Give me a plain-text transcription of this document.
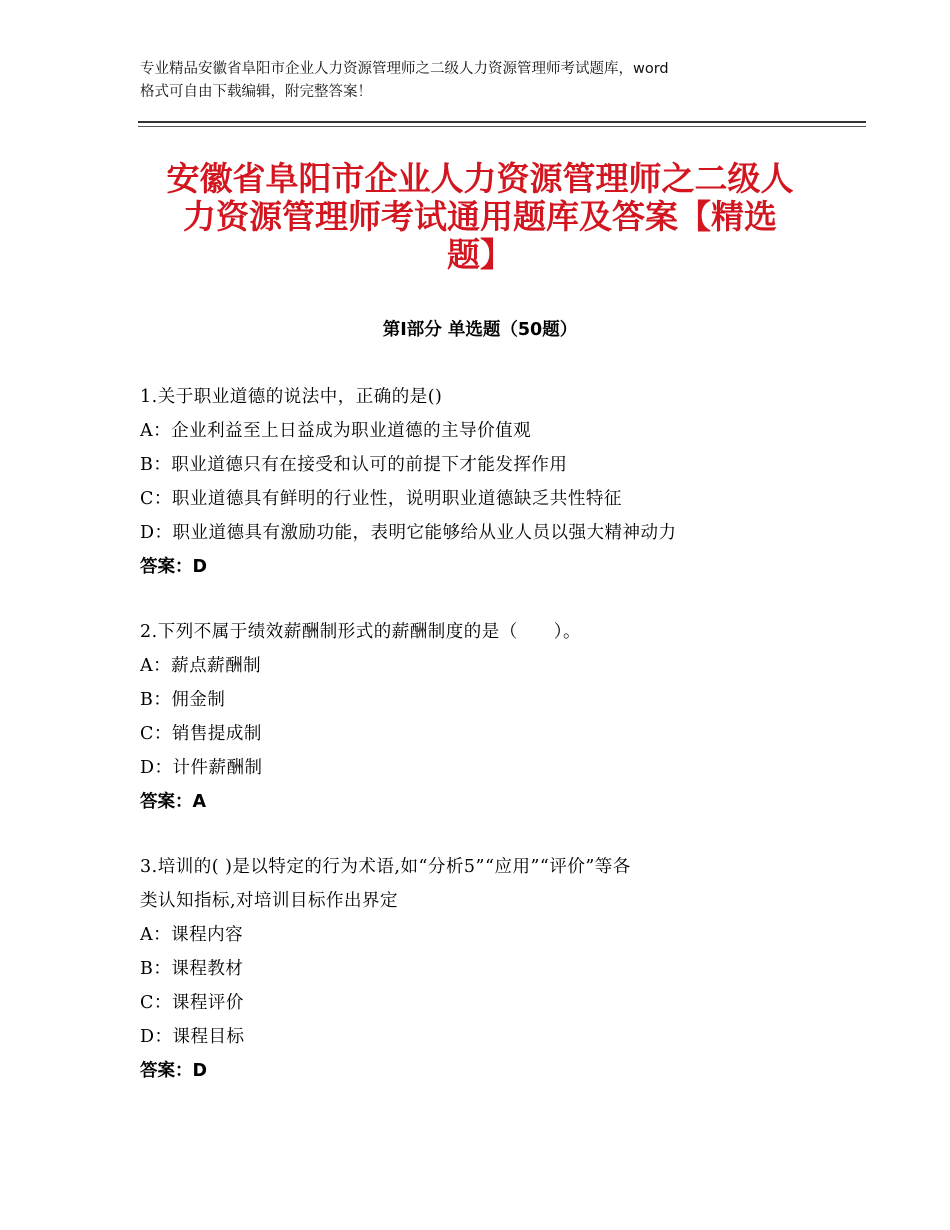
专业精品安徽省阜阳市企业人力资源管理师之二级人力资源管理师考试题库，word

格式可自由下载编辑，附完整答案！

安徽省阜阳市企业人力资源管理师之二级人
力资源管理师考试通用题库及答案【精选
题】
第Ⅰ部分 单选题（50题）

1.关于职业道德的说法中，正确的是()

A：企业利益至上日益成为职业道德的主导价值观

B：职业道德只有在接受和认可的前提下才能发挥作用

C：职业道德具有鲜明的行业性，说明职业道德缺乏共性特征

D：职业道德具有激励功能，表明它能够给从业人员以强大精神动力

答案：D

2.下列不属于绩效薪酬制形式的薪酬制度的是（　　）。

A：薪点薪酬制

B：佣金制

C：销售提成制

D：计件薪酬制

答案：A

3.培训的( )是以特定的行为术语,如“分析5”“应用”“评价”等各

类认知指标,对培训目标作出界定

A：课程内容

B：课程教材

C：课程评价

D：课程目标

答案：D
